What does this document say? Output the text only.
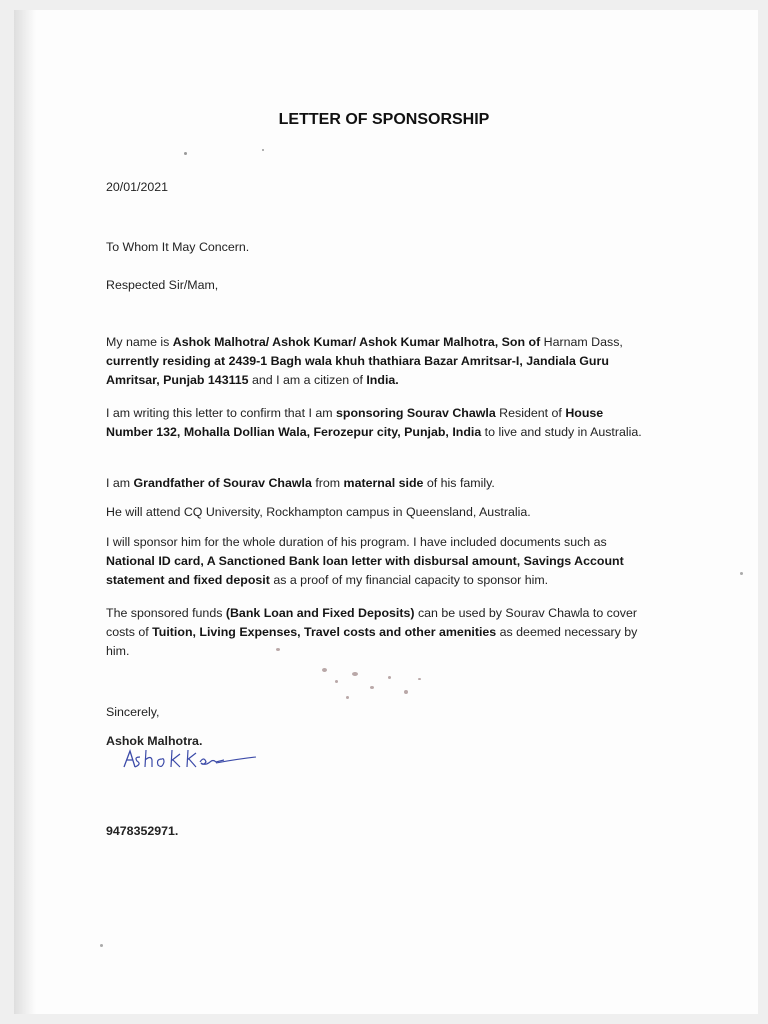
LETTER OF SPONSORSHIP
20/01/2021
To Whom It May Concern.
Respected Sir/Mam,
My name is Ashok Malhotra/ Ashok Kumar/ Ashok Kumar Malhotra, Son of Harnam Dass, currently residing at 2439-1 Bagh wala khuh thathiara Bazar Amritsar-I, Jandiala Guru Amritsar, Punjab 143115 and I am a citizen of India.
I am writing this letter to confirm that I am sponsoring Sourav Chawla Resident of House Number 132, Mohalla Dollian Wala, Ferozepur city, Punjab, India to live and study in Australia.
I am Grandfather of Sourav Chawla from maternal side of his family.
He will attend CQ University, Rockhampton campus in Queensland, Australia.
I will sponsor him for the whole duration of his program. I have included documents such as National ID card, A Sanctioned Bank loan letter with disbursal amount, Savings Account statement and fixed deposit as a proof of my financial capacity to sponsor him.
The sponsored funds (Bank Loan and Fixed Deposits) can be used by Sourav Chawla to cover costs of Tuition, Living Expenses, Travel costs and other amenities as deemed necessary by him.
Sincerely,
Ashok Malhotra.
9478352971.
